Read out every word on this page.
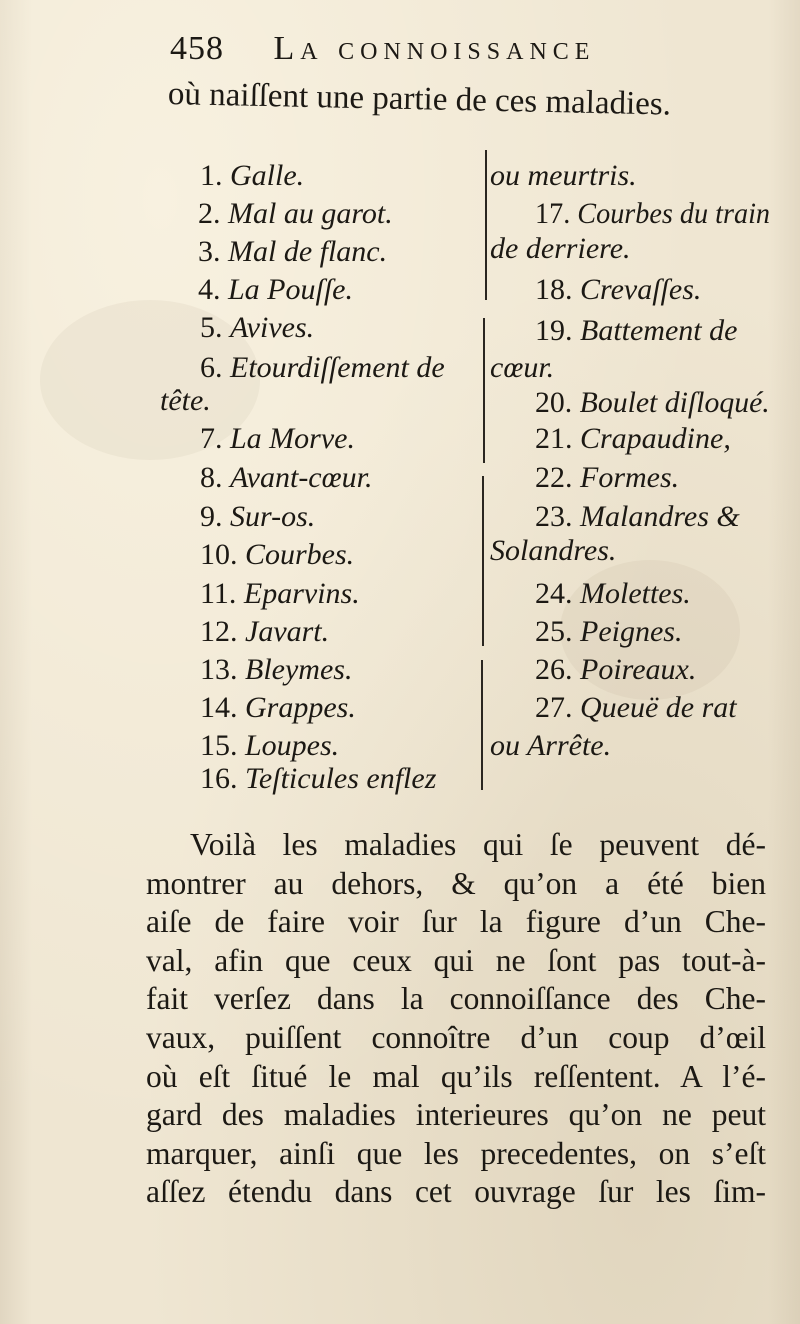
458 La connoissance
où naiſſent une partie de ces maladies.
1. Galle.
2. Mal au garot.
3. Mal de flanc.
4. La Pouſſe.
5. Avives.
6. Etourdiſſement de
tête.
7. La Morve.
8. Avant-cœur.
9. Sur-os.
10. Courbes.
11. Eparvins.
12. Javart.
13. Bleymes.
14. Grappes.
15. Loupes.
16. Teſticules enflez
ou meurtris.
17. Courbes du train
de derriere.
18. Crevaſſes.
19. Battement de
cœur.
20. Boulet diſloqué.
21. Crapaudine,
22. Formes.
23. Malandres &
Solandres.
24. Molettes.
25. Peignes.
26. Poireaux.
27. Queuë de rat
ou Arrête.
Voilà les maladies qui ſe peuvent dé-
montrer au dehors, & qu’on a été bien
aiſe de faire voir ſur la figure d’un Che-
val, afin que ceux qui ne ſont pas tout-à-
fait verſez dans la connoiſſance des Che-
vaux, puiſſent connoître d’un coup d’œil
où eſt ſitué le mal qu’ils reſſentent. A l’é-
gard des maladies interieures qu’on ne peut
marquer, ainſi que les precedentes, on s’eſt
aſſez étendu dans cet ouvrage ſur les ſim-
